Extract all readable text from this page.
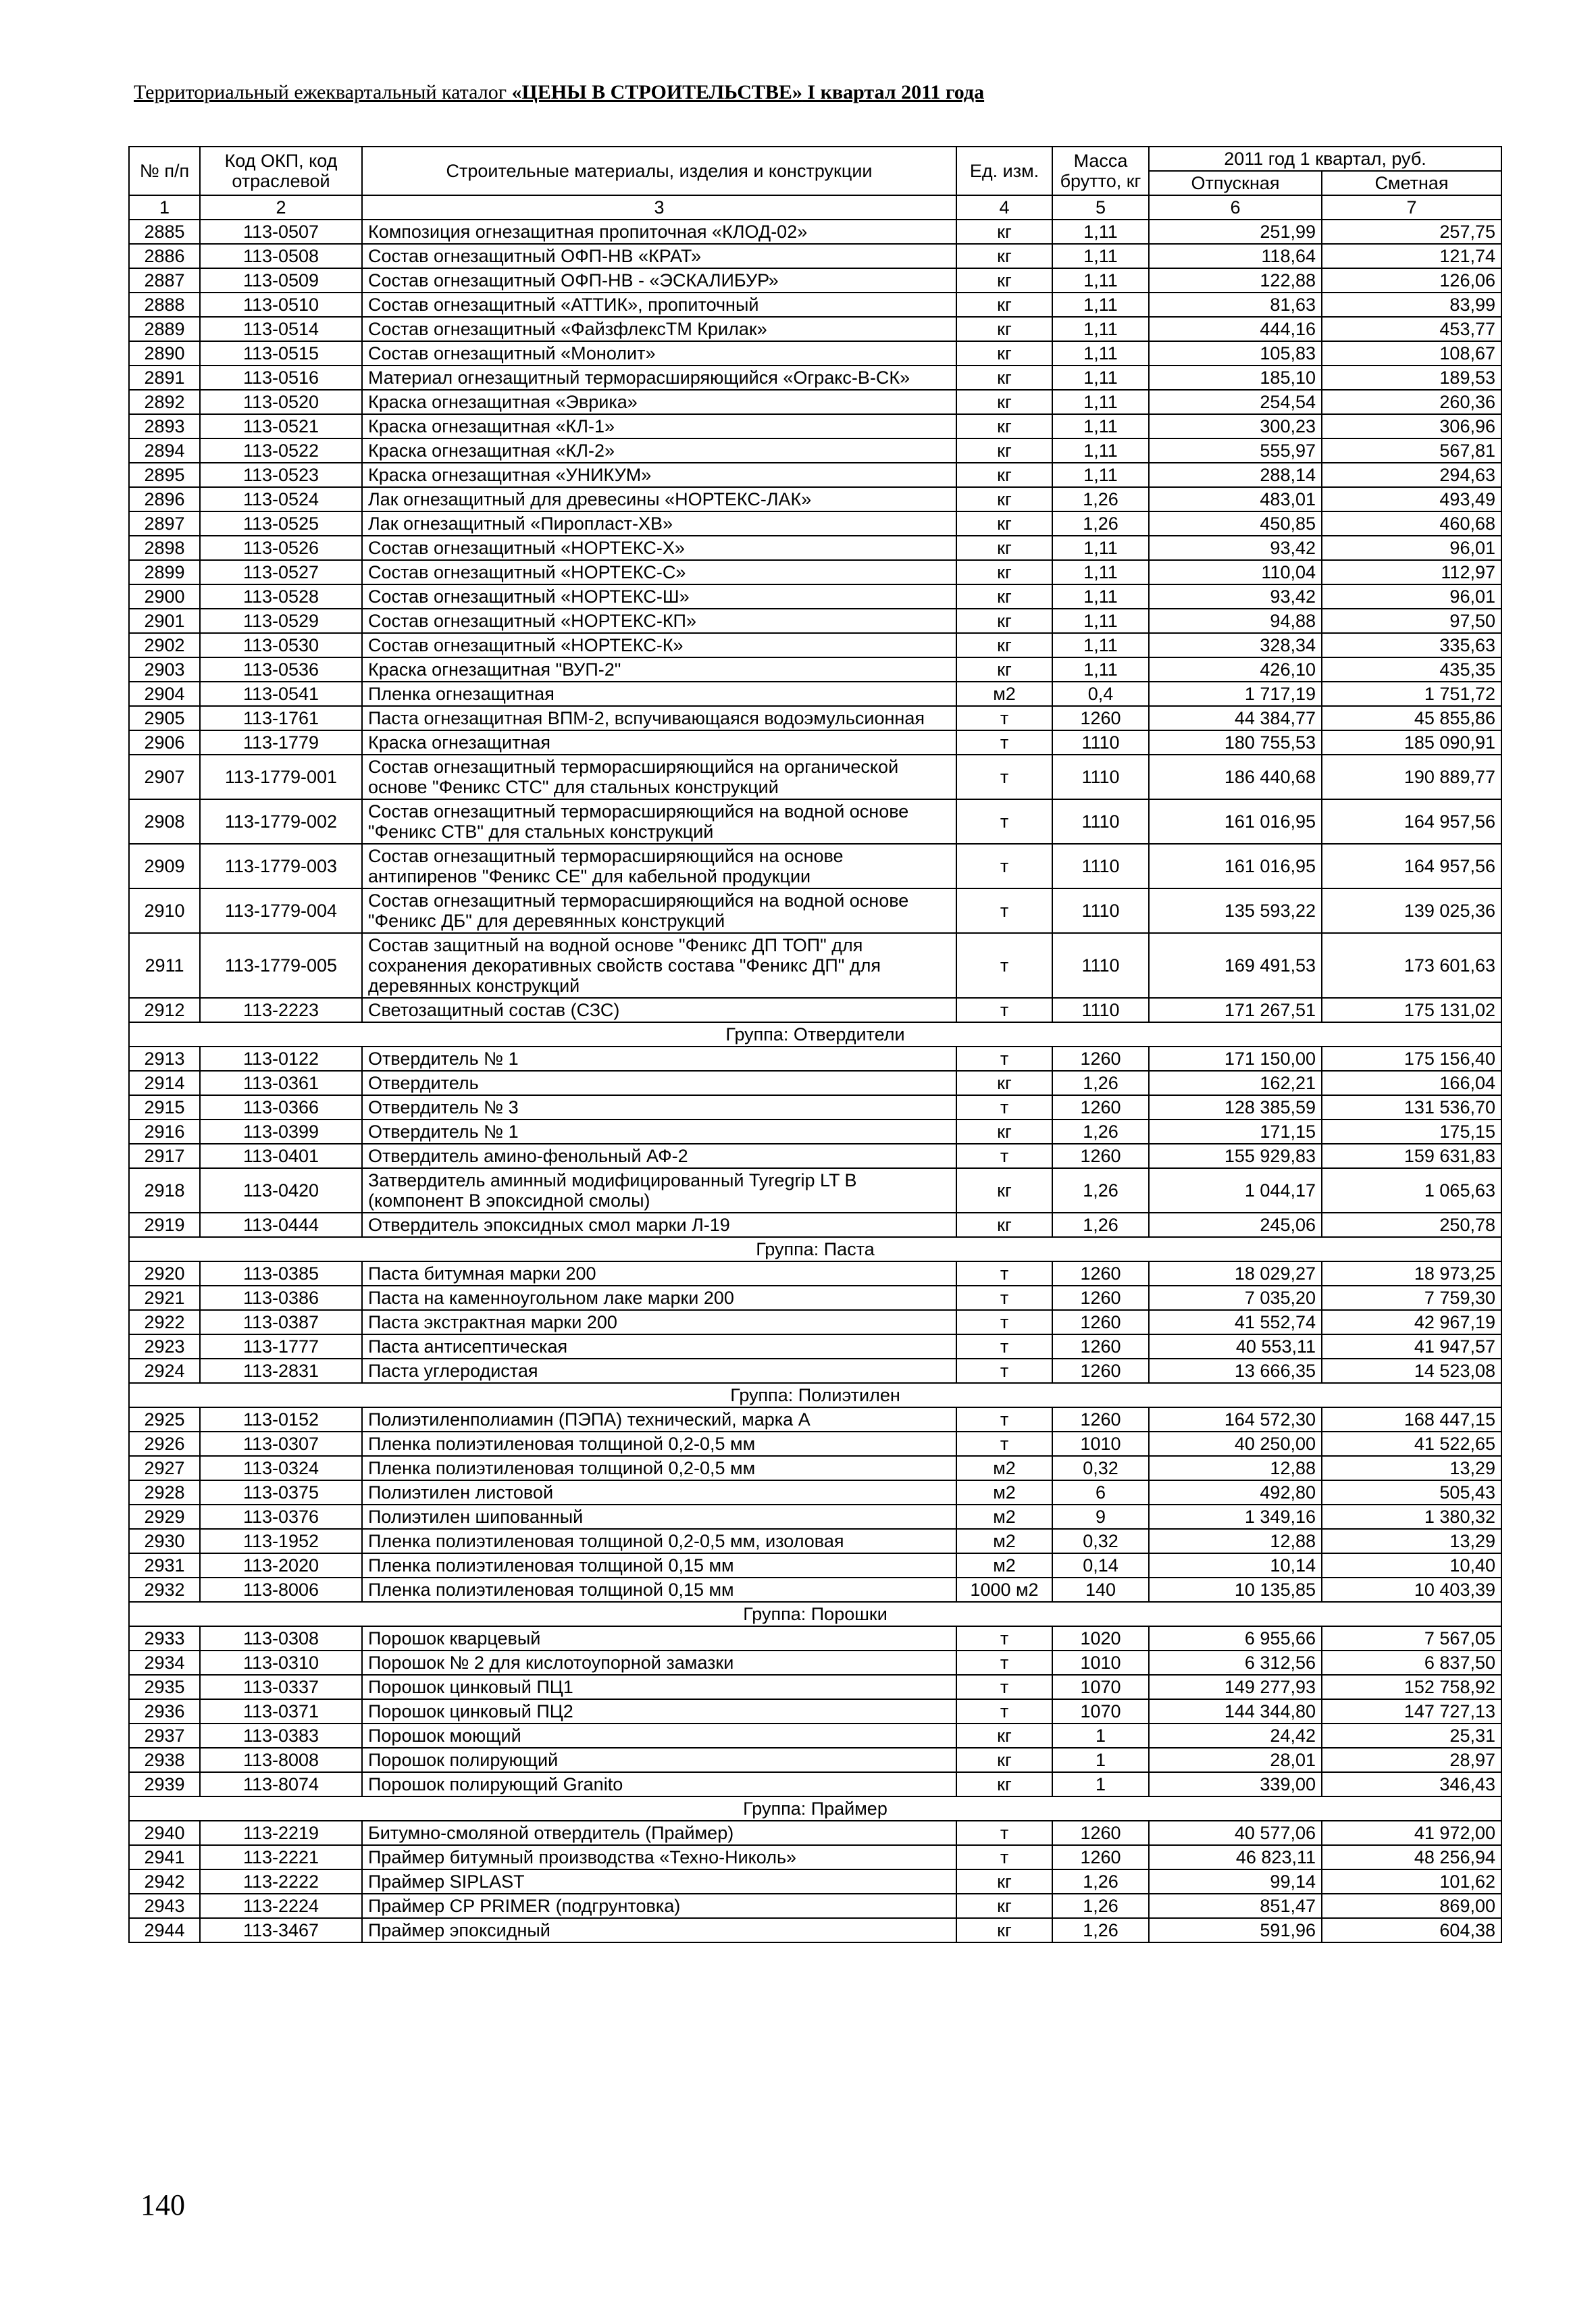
Территориальный ежеквартальный каталог «ЦЕНЫ В СТРОИТЕЛЬСТВЕ» I квартал 2011 года
№ п/п	Код ОКП, код отраслевой	Строительные материалы, изделия и конструкции	Ед. изм.	Масса брутто, кг	2011 год 1 квартал, руб.	
					Отпускная	Сметная
1	2	3	4	5	6	7
2885	113-0507	Композиция огнезащитная пропиточная «КЛОД-02»	кг	1,11	251,99	257,75
2886	113-0508	Состав огнезащитный ОФП-НВ «КРАТ»	кг	1,11	118,64	121,74
2887	113-0509	Состав огнезащитный ОФП-НВ - «ЭСКАЛИБУР»	кг	1,11	122,88	126,06
2888	113-0510	Состав огнезащитный «АТТИК», пропиточный	кг	1,11	81,63	83,99
2889	113-0514	Состав огнезащитный «ФайзфлексТМ Крилак»	кг	1,11	444,16	453,77
2890	113-0515	Состав огнезащитный «Монолит»	кг	1,11	105,83	108,67
2891	113-0516	Материал огнезащитный терморасширяющийся «Огракс-В-СК»	кг	1,11	185,10	189,53
2892	113-0520	Краска огнезащитная «Эврика»	кг	1,11	254,54	260,36
2893	113-0521	Краска огнезащитная «КЛ-1»	кг	1,11	300,23	306,96
2894	113-0522	Краска огнезащитная «КЛ-2»	кг	1,11	555,97	567,81
2895	113-0523	Краска огнезащитная «УНИКУМ»	кг	1,11	288,14	294,63
2896	113-0524	Лак огнезащитный для древесины «НОРТЕКС-ЛАК»	кг	1,26	483,01	493,49
2897	113-0525	Лак огнезащитный «Пиропласт-ХВ»	кг	1,26	450,85	460,68
2898	113-0526	Состав огнезащитный «НОРТЕКС-Х»	кг	1,11	93,42	96,01
2899	113-0527	Состав огнезащитный «НОРТЕКС-С»	кг	1,11	110,04	112,97
2900	113-0528	Состав огнезащитный «НОРТЕКС-Ш»	кг	1,11	93,42	96,01
2901	113-0529	Состав огнезащитный «НОРТЕКС-КП»	кг	1,11	94,88	97,50
2902	113-0530	Состав огнезащитный «НОРТЕКС-К»	кг	1,11	328,34	335,63
2903	113-0536	Краска огнезащитная "ВУП-2"	кг	1,11	426,10	435,35
2904	113-0541	Пленка огнезащитная	м2	0,4	1 717,19	1 751,72
2905	113-1761	Паста огнезащитная ВПМ-2, вспучивающаяся водоэмульсионная	т	1260	44 384,77	45 855,86
2906	113-1779	Краска огнезащитная	т	1110	180 755,53	185 090,91
2907	113-1779-001	Состав огнезащитный терморасширяющийся на органической основе "Феникс СТС" для стальных конструкций	т	1110	186 440,68	190 889,77
2908	113-1779-002	Состав огнезащитный терморасширяющийся на водной основе "Феникс СТВ" для стальных конструкций	т	1110	161 016,95	164 957,56
2909	113-1779-003	Состав огнезащитный терморасширяющийся на основе антипиренов "Феникс СЕ" для кабельной продукции	т	1110	161 016,95	164 957,56
2910	113-1779-004	Состав огнезащитный терморасширяющийся на водной основе "Феникс ДБ" для деревянных конструкций	т	1110	135 593,22	139 025,36
2911	113-1779-005	Состав защитный на водной основе "Феникс ДП ТОП" для сохранения декоративных свойств состава "Феникс ДП" для деревянных конструкций	т	1110	169 491,53	173 601,63
2912	113-2223	Светозащитный состав (СЗС)	т	1110	171 267,51	175 131,02
Группа: Отвердители						
2913	113-0122	Отвердитель № 1	т	1260	171 150,00	175 156,40
2914	113-0361	Отвердитель	кг	1,26	162,21	166,04
2915	113-0366	Отвердитель № 3	т	1260	128 385,59	131 536,70
2916	113-0399	Отвердитель № 1	кг	1,26	171,15	175,15
2917	113-0401	Отвердитель амино-фенольный АФ-2	т	1260	155 929,83	159 631,83
2918	113-0420	Затвердитель аминный модифицированный Tyregrip LT B (компонент B эпоксидной смолы)	кг	1,26	1 044,17	1 065,63
2919	113-0444	Отвердитель эпоксидных смол марки Л-19	кг	1,26	245,06	250,78
Группа: Паста						
2920	113-0385	Паста битумная марки 200	т	1260	18 029,27	18 973,25
2921	113-0386	Паста на каменноугольном лаке марки 200	т	1260	7 035,20	7 759,30
2922	113-0387	Паста экстрактная марки 200	т	1260	41 552,74	42 967,19
2923	113-1777	Паста антисептическая	т	1260	40 553,11	41 947,57
2924	113-2831	Паста углеродистая	т	1260	13 666,35	14 523,08
Группа: Полиэтилен						
2925	113-0152	Полиэтиленполиамин (ПЭПА) технический, марка А	т	1260	164 572,30	168 447,15
2926	113-0307	Пленка полиэтиленовая толщиной 0,2-0,5 мм	т	1010	40 250,00	41 522,65
2927	113-0324	Пленка полиэтиленовая толщиной 0,2-0,5 мм	м2	0,32	12,88	13,29
2928	113-0375	Полиэтилен листовой	м2	6	492,80	505,43
2929	113-0376	Полиэтилен шипованный	м2	9	1 349,16	1 380,32
2930	113-1952	Пленка полиэтиленовая толщиной 0,2-0,5 мм, изоловая	м2	0,32	12,88	13,29
2931	113-2020	Пленка полиэтиленовая толщиной 0,15 мм	м2	0,14	10,14	10,40
2932	113-8006	Пленка полиэтиленовая толщиной 0,15 мм	1000 м2	140	10 135,85	10 403,39
Группа: Порошки						
2933	113-0308	Порошок кварцевый	т	1020	6 955,66	7 567,05
2934	113-0310	Порошок № 2 для кислотоупорной замазки	т	1010	6 312,56	6 837,50
2935	113-0337	Порошок цинковый ПЦ1	т	1070	149 277,93	152 758,92
2936	113-0371	Порошок цинковый ПЦ2	т	1070	144 344,80	147 727,13
2937	113-0383	Порошок моющий	кг	1	24,42	25,31
2938	113-8008	Порошок полирующий	кг	1	28,01	28,97
2939	113-8074	Порошок полирующий Granito	кг	1	339,00	346,43
Группа: Праймер						
2940	113-2219	Битумно-смоляной отвердитель (Праймер)	т	1260	40 577,06	41 972,00
2941	113-2221	Праймер битумный производства «Техно-Николь»	т	1260	46 823,11	48 256,94
2942	113-2222	Праймер SIPLAST	кг	1,26	99,14	101,62
2943	113-2224	Праймер CP PRIMER (подгрунтовка)	кг	1,26	851,47	869,00
2944	113-3467	Праймер эпоксидный	кг	1,26	591,96	604,38
140
